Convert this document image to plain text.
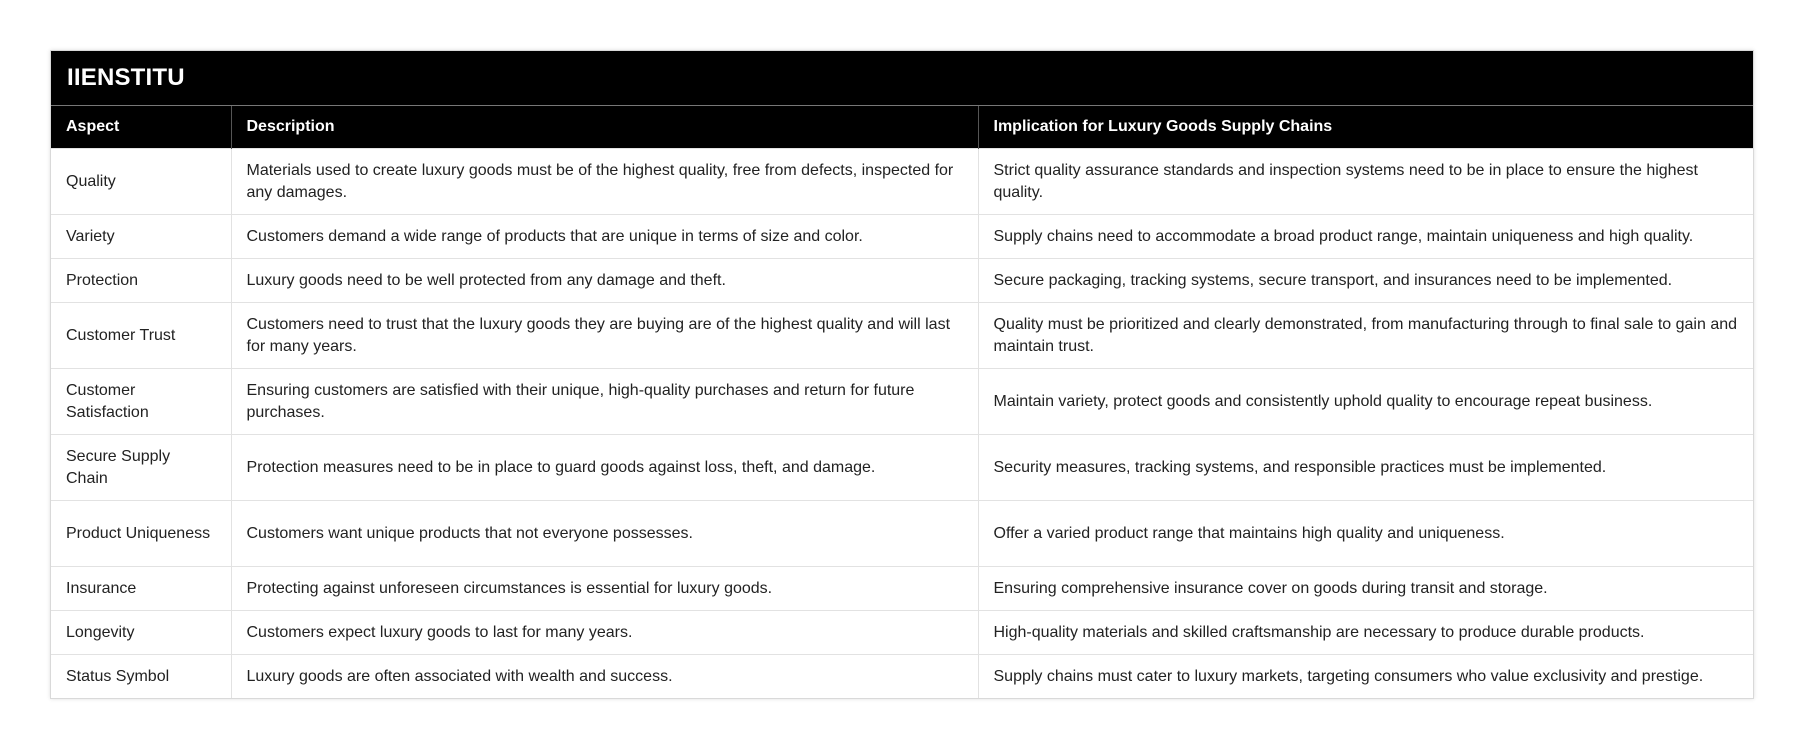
IIENSTITU
Aspect	Description	Implication for Luxury Goods Supply Chains
Quality	Materials used to create luxury goods must be of the highest quality, free from defects, inspected for any damages.	Strict quality assurance standards and inspection systems need to be in place to ensure the highest quality.
Variety	Customers demand a wide range of products that are unique in terms of size and color.	Supply chains need to accommodate a broad product range, maintain uniqueness and high quality.
Protection	Luxury goods need to be well protected from any damage and theft.	Secure packaging, tracking systems, secure transport, and insurances need to be implemented.
Customer Trust	Customers need to trust that the luxury goods they are buying are of the highest quality and will last for many years.	Quality must be prioritized and clearly demonstrated, from manufacturing through to final sale to gain and maintain trust.
Customer Satisfaction	Ensuring customers are satisfied with their unique, high-quality purchases and return for future purchases.	Maintain variety, protect goods and consistently uphold quality to encourage repeat business.
Secure Supply Chain	Protection measures need to be in place to guard goods against loss, theft, and damage.	Security measures, tracking systems, and responsible practices must be implemented.
Product Uniqueness	Customers want unique products that not everyone possesses.	Offer a varied product range that maintains high quality and uniqueness.
Insurance	Protecting against unforeseen circumstances is essential for luxury goods.	Ensuring comprehensive insurance cover on goods during transit and storage.
Longevity	Customers expect luxury goods to last for many years.	High-quality materials and skilled craftsmanship are necessary to produce durable products.
Status Symbol	Luxury goods are often associated with wealth and success.	Supply chains must cater to luxury markets, targeting consumers who value exclusivity and prestige.
